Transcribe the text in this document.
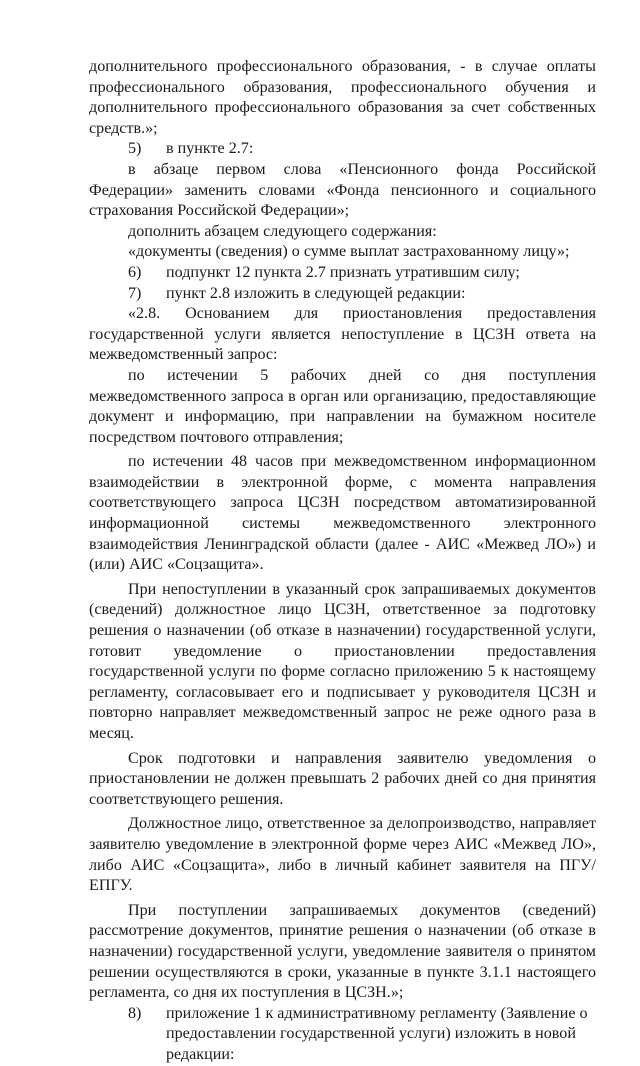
дополнительного профессионального образования, - в случае оплаты профессионального образования, профессионального обучения и дополнительного профессионального образования за счет собственных средств.»;

5)	в пункте 2.7:

в абзаце первом слова «Пенсионного фонда Российской Федерации» заменить словами «Фонда пенсионного и социального страхования Российской Федерации»;

дополнить абзацем следующего содержания:

«документы (сведения) о сумме выплат застрахованному лицу»;

6)	подпункт 12 пункта 2.7 признать утратившим силу;
7)	пункт 2.8 изложить в следующей редакции:

«2.8. Основанием для приостановления предоставления государственной услуги является непоступление в ЦСЗН ответа на межведомственный запрос:

по истечении 5 рабочих дней со дня поступления межведомственного запроса в орган или организацию, предоставляющие документ и информацию, при направлении на бумажном носителе посредством почтового отправления;

по истечении 48 часов при межведомственном информационном взаимодействии в электронной форме, с момента направления соответствующего запроса ЦСЗН посредством автоматизированной информационной системы межведомственного электронного взаимодействия Ленинградской области (далее - АИС «Межвед ЛО») и (или) АИС «Соцзащита».

При непоступлении в указанный срок запрашиваемых документов (сведений) должностное лицо ЦСЗН, ответственное за подготовку решения о назначении (об отказе в назначении) государственной услуги, готовит уведомление о приостановлении предоставления государственной услуги по форме согласно приложению 5 к настоящему регламенту, согласовывает его и подписывает у руководителя ЦСЗН и повторно направляет межведомственный запрос не реже одного раза в месяц.

Срок подготовки и направления заявителю уведомления о приостановлении не должен превышать 2 рабочих дней со дня принятия соответствующего решения.

Должностное лицо, ответственное за делопроизводство, направляет заявителю уведомление в электронной форме через АИС «Межвед ЛО», либо АИС «Соцзащита», либо в личный кабинет заявителя на ПГУ/ЕПГУ.

При поступлении запрашиваемых документов (сведений) рассмотрение документов, принятие решения о назначении (об отказе в назначении) государственной услуги, уведомление заявителя о принятом решении осуществляются в сроки, указанные в пункте 3.1.1 настоящего регламента, со дня их поступления в ЦСЗН.»;

8)	приложение 1 к административному регламенту (Заявление о предоставлении государственной услуги) изложить в новой редакции:
